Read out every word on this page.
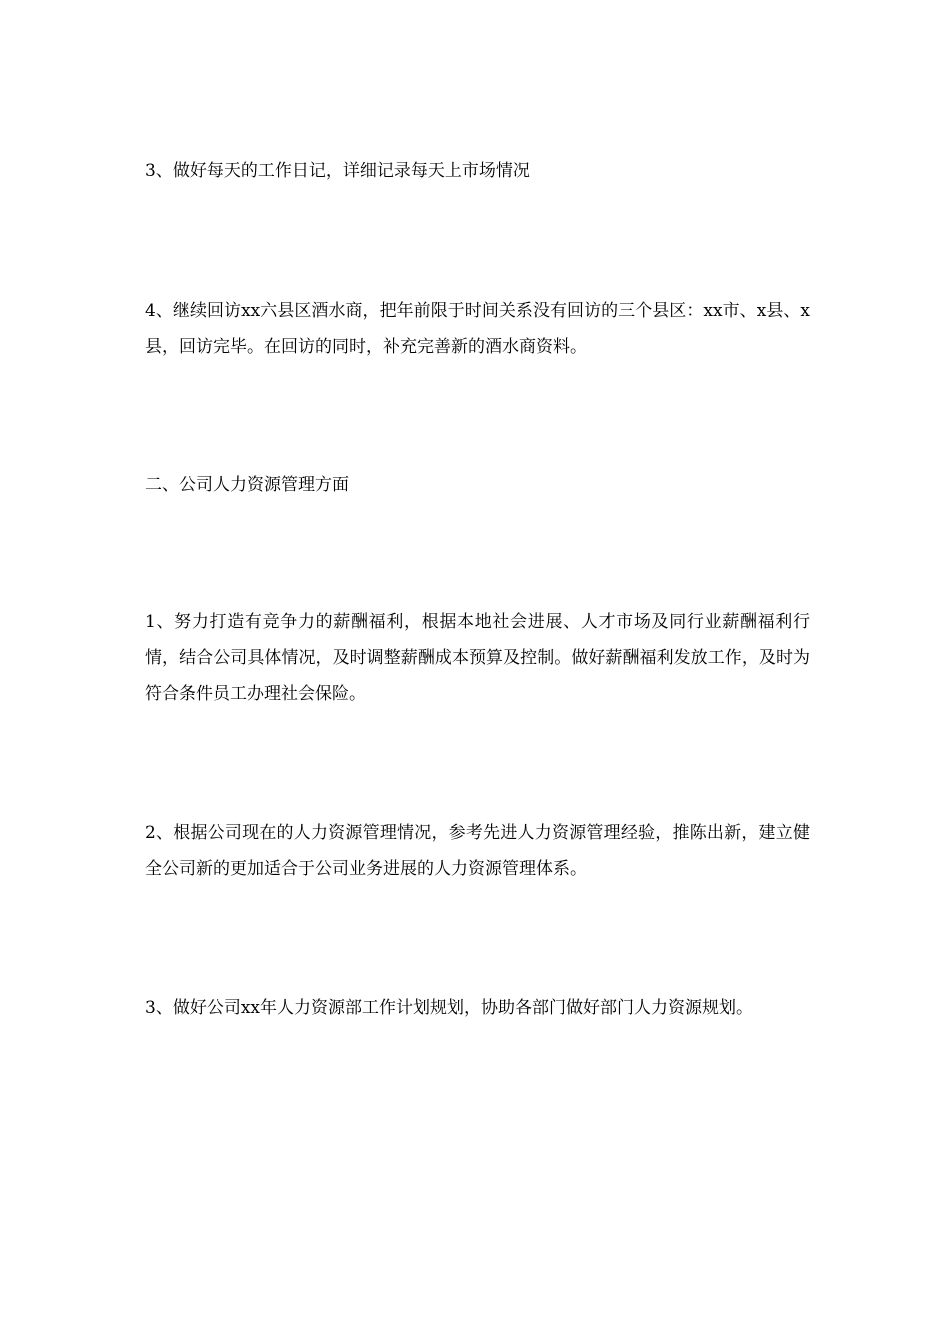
3、做好每天的工作日记，详细记录每天上市场情况

4、继续回访xx六县区酒水商，把年前限于时间关系没有回访的三个县区：xx市、x县、x县，回访完毕。在回访的同时，补充完善新的酒水商资料。

二、公司人力资源管理方面

1、努力打造有竞争力的薪酬福利，根据本地社会进展、人才市场及同行业薪酬福利行情，结合公司具体情况，及时调整薪酬成本预算及控制。做好薪酬福利发放工作，及时为符合条件员工办理社会保险。

2、根据公司现在的人力资源管理情况，参考先进人力资源管理经验，推陈出新，建立健全公司新的更加适合于公司业务进展的人力资源管理体系。

3、做好公司xx年人力资源部工作计划规划，协助各部门做好部门人力资源规划。
